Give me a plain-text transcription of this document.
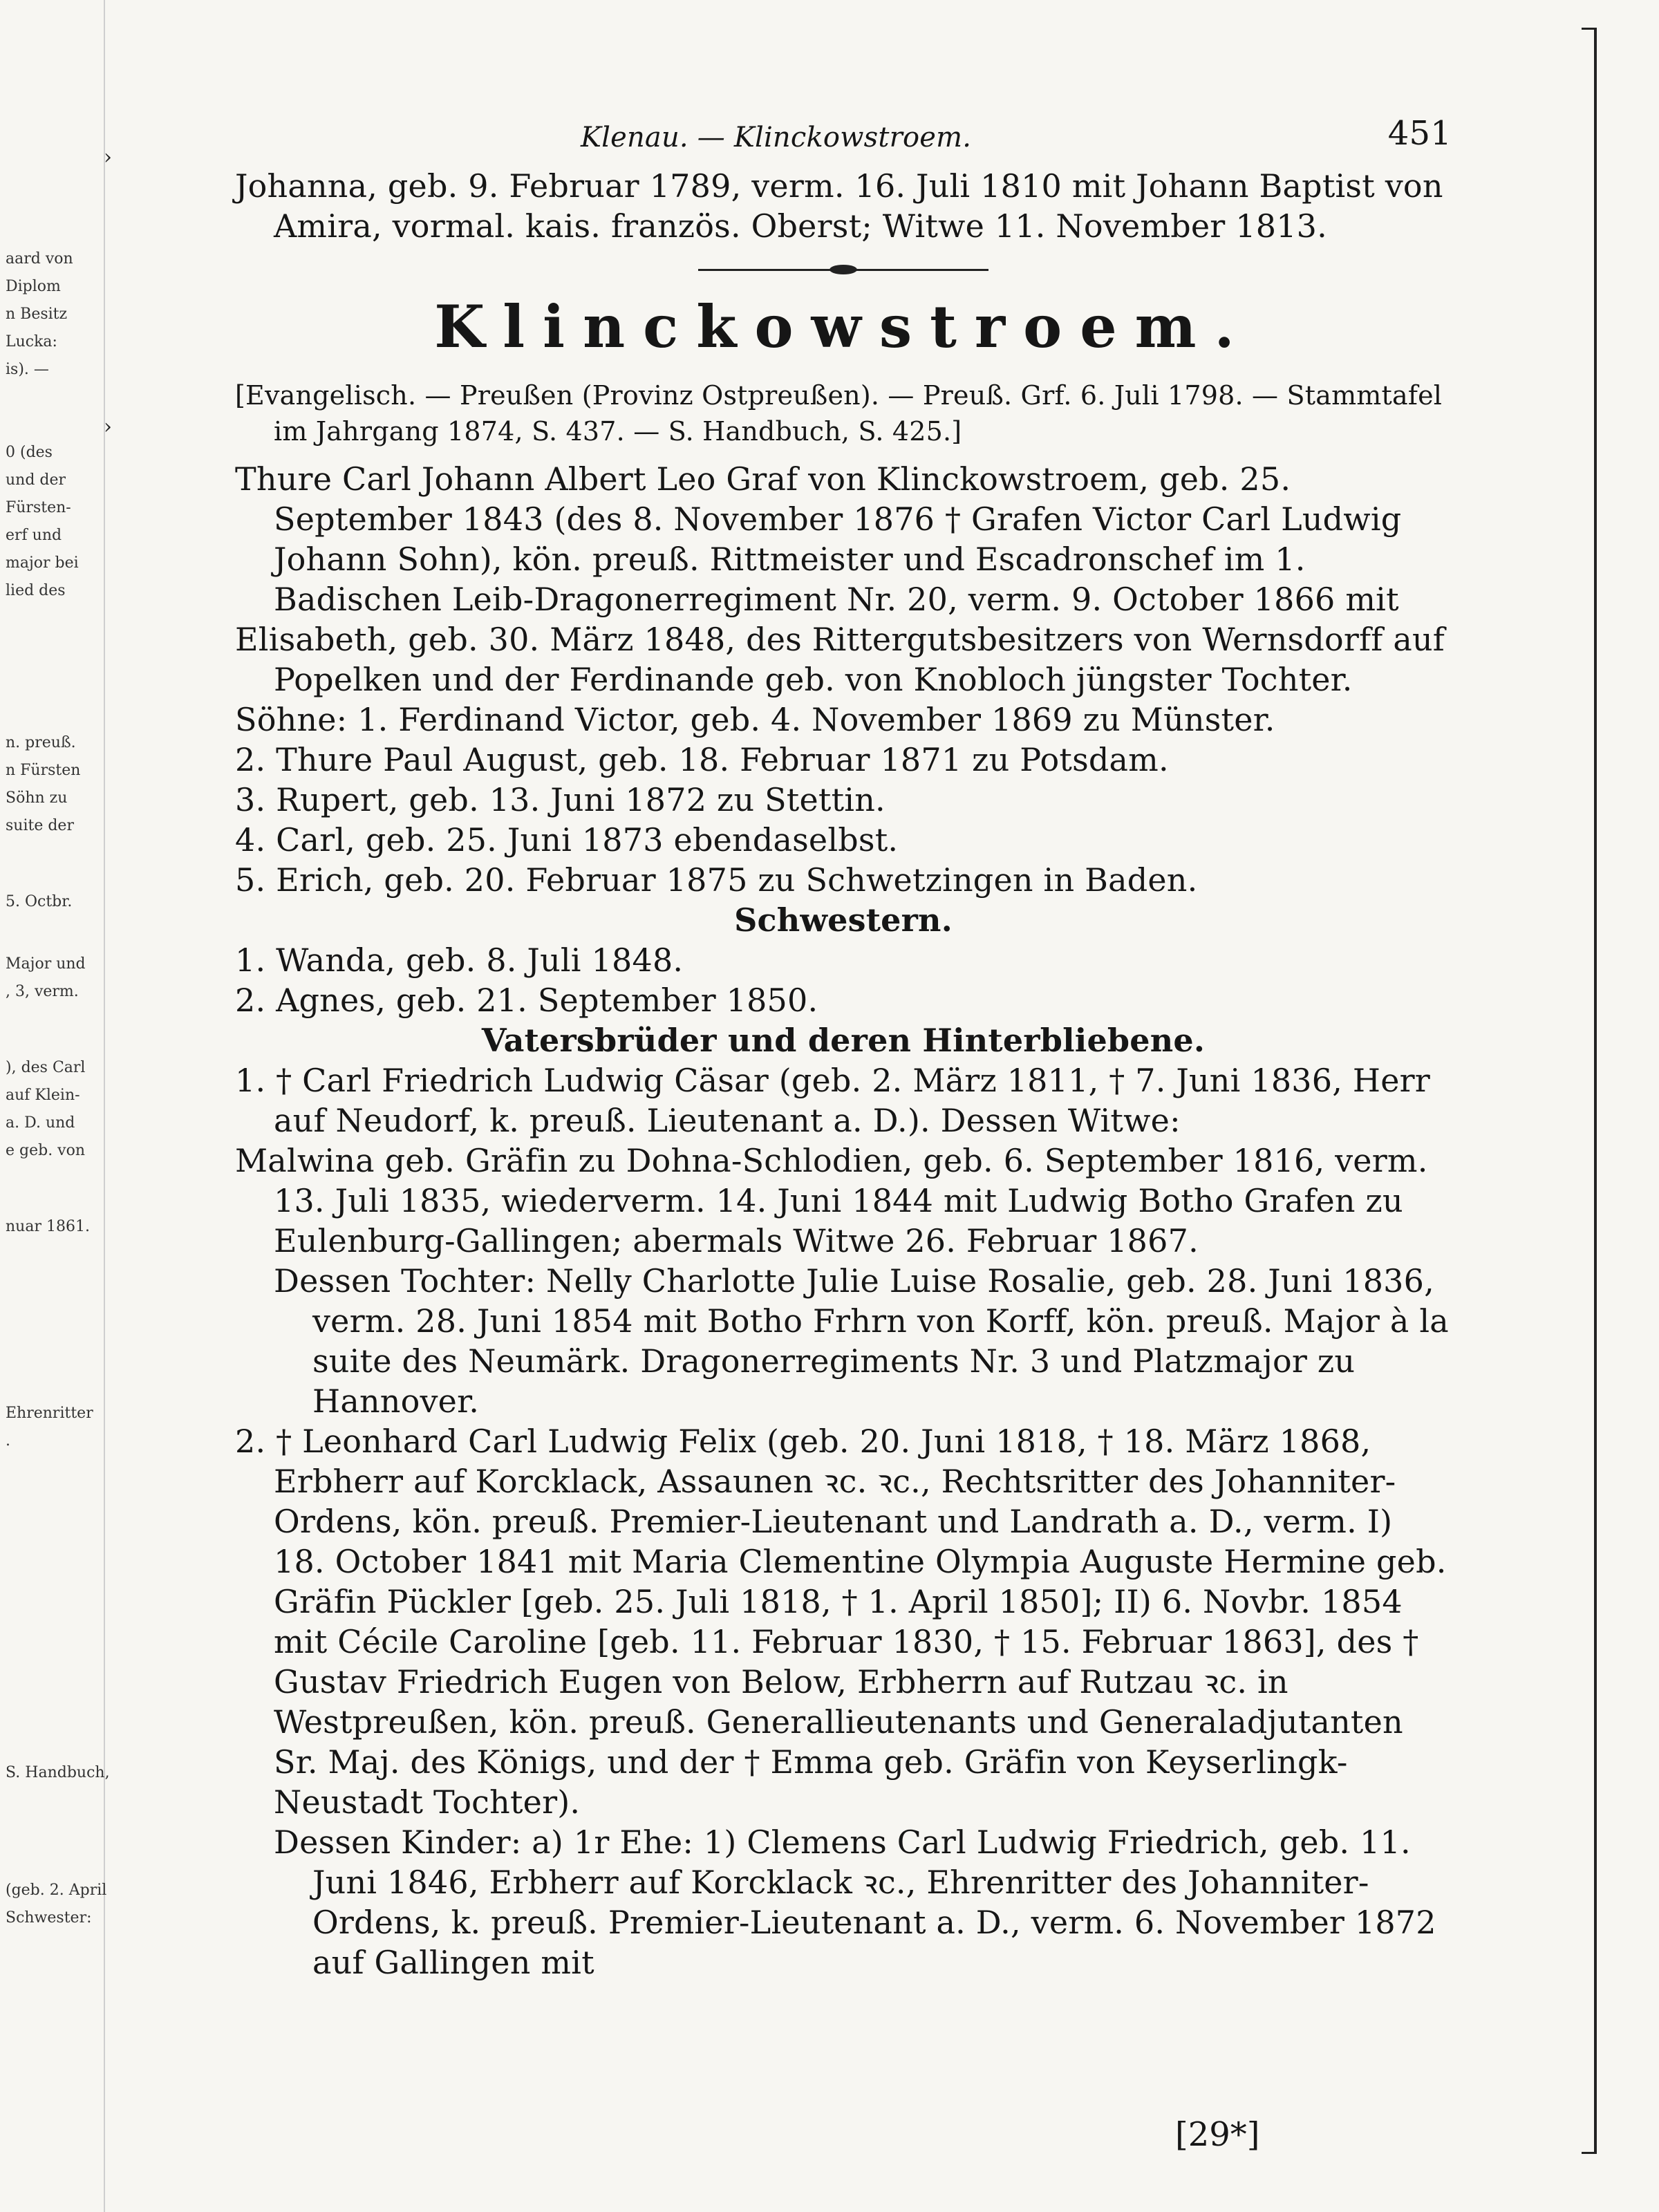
aard von
Diplom
n Besitz
Lucka:
is). —
0 (des
und der
Fürsten-
erf und
major bei
lied des
n. preuß.
n Fürsten
Söhn zu
suite der
5. Octbr.
Major und
, 3, verm.
), des Carl
auf Klein-
a. D. und
e geb. von
nuar 1861.
Ehrenritter
.
S. Handbuch,
(geb. 2. April
Schwester:
›
›
Klenau. — Klinckowstroem.	451

Johanna, geb. 9. Februar 1789, verm. 16. Juli 1810 mit Johann Baptist von Amira, vormal. kais. französ. Oberst; Witwe 11. November 1813.

Klinckowstroem.

[Evangelisch. — Preußen (Provinz Ostpreußen). — Preuß. Grf. 6. Juli 1798. — Stammtafel im Jahrgang 1874, S. 437. — S. Handbuch, S. 425.]

Thure Carl Johann Albert Leo Graf von Klinckowstroem, geb. 25. September 1843 (des 8. November 1876 † Grafen Victor Carl Ludwig Johann Sohn), kön. preuß. Rittmeister und Escadronschef im 1. Badischen Leib-Dragonerregiment Nr. 20, verm. 9. October 1866 mit

Elisabeth, geb. 30. März 1848, des Rittergutsbesitzers von Wernsdorff auf Popelken und der Ferdinande geb. von Knobloch jüngster Tochter.

Söhne: 1. Ferdinand Victor, geb. 4. November 1869 zu Münster.

2. Thure Paul August, geb. 18. Februar 1871 zu Potsdam.

3. Rupert, geb. 13. Juni 1872 zu Stettin.

4. Carl, geb. 25. Juni 1873 ebendaselbst.

5. Erich, geb. 20. Februar 1875 zu Schwetzingen in Baden.

Schwestern.

1. Wanda, geb. 8. Juli 1848.

2. Agnes, geb. 21. September 1850.

Vatersbrüder und deren Hinterbliebene.

1. † Carl Friedrich Ludwig Cäsar (geb. 2. März 1811, † 7. Juni 1836, Herr auf Neudorf, k. preuß. Lieutenant a. D.). Dessen Witwe:

Malwina geb. Gräfin zu Dohna-Schlodien, geb. 6. September 1816, verm. 13. Juli 1835, wiederverm. 14. Juni 1844 mit Ludwig Botho Grafen zu Eulenburg-Gallingen; abermals Witwe 26. Februar 1867.

Dessen Tochter: Nelly Charlotte Julie Luise Rosalie, geb. 28. Juni 1836, verm. 28. Juni 1854 mit Botho Frhrn von Korff, kön. preuß. Major à la suite des Neumärk. Dragonerregiments Nr. 3 und Platzmajor zu Hannover.

2. † Leonhard Carl Ludwig Felix (geb. 20. Juni 1818, † 18. März 1868, Erbherr auf Korcklack, Assaunen ꝛc. ꝛc., Rechtsritter des Johanniter-Ordens, kön. preuß. Premier-Lieutenant und Landrath a. D., verm. I) 18. October 1841 mit Maria Clementine Olympia Auguste Hermine geb. Gräfin Pückler [geb. 25. Juli 1818, † 1. April 1850]; II) 6. Novbr. 1854 mit Cécile Caroline [geb. 11. Februar 1830, † 15. Februar 1863], des † Gustav Friedrich Eugen von Below, Erbherrn auf Rutzau ꝛc. in Westpreußen, kön. preuß. Generallieutenants und Generaladjutanten Sr. Maj. des Königs, und der † Emma geb. Gräfin von Keyserlingk-Neustadt Tochter).

Dessen Kinder: a) 1r Ehe: 1) Clemens Carl Ludwig Friedrich, geb. 11. Juni 1846, Erbherr auf Korcklack ꝛc., Ehrenritter des Johanniter-Ordens, k. preuß. Premier-Lieutenant a. D., verm. 6. November 1872 auf Gallingen mit

[29*]
